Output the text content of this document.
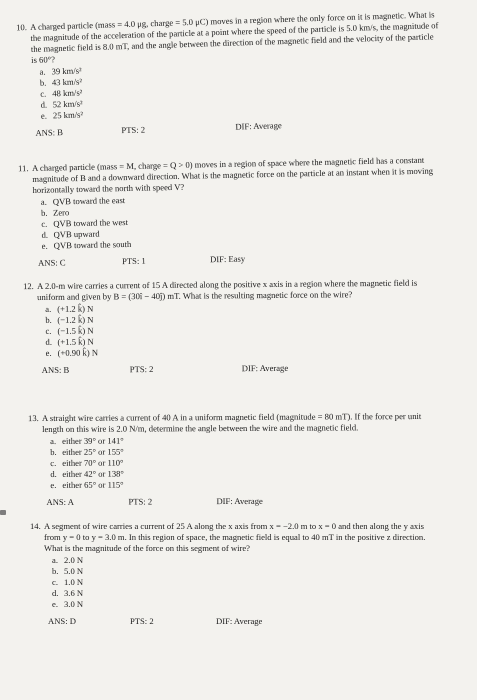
10. A charged particle (mass = 4.0 μg, charge = 5.0 μC) moves in a region where the only force on it is magnetic. What is the magnitude of the acceleration of the particle at a point where the speed of the particle is 5.0 km/s, the magnitude of the magnetic field is 8.0 mT, and the angle between the direction of the magnetic field and the velocity of the particle is 60°?
a. 39 km/s²
b. 43 km/s²
c. 48 km/s²
d. 52 km/s²
e. 25 km/s²
ANS: B	PTS: 2	DIF: Average
11. A charged particle (mass = M, charge = Q > 0) moves in a region of space where the magnetic field has a constant magnitude of B and a downward direction. What is the magnetic force on the particle at an instant when it is moving horizontally toward the north with speed V?
a. QVB toward the east
b. Zero
c. QVB toward the west
d. QVB upward
e. QVB toward the south
ANS: C	PTS: 1	DIF: Easy
12. A 2.0-m wire carries a current of 15 A directed along the positive x axis in a region where the magnetic field is uniform and given by B = (30î − 40ĵ) mT. What is the resulting magnetic force on the wire?
a. (+1.2 k̂) N
b. (−1.2 k̂) N
c. (−1.5 k̂) N
d. (+1.5 k̂) N
e. (+0.90 k̂) N
ANS: B	PTS: 2	DIF: Average
13. A straight wire carries a current of 40 A in a uniform magnetic field (magnitude = 80 mT). If the force per unit length on this wire is 2.0 N/m, determine the angle between the wire and the magnetic field.
a. either 39° or 141°
b. either 25° or 155°
c. either 70° or 110°
d. either 42° or 138°
e. either 65° or 115°
ANS: A	PTS: 2	DIF: Average
14. A segment of wire carries a current of 25 A along the x axis from x = −2.0 m to x = 0 and then along the y axis from y = 0 to y = 3.0 m. In this region of space, the magnetic field is equal to 40 mT in the positive z direction. What is the magnitude of the force on this segment of wire?
a. 2.0 N
b. 5.0 N
c. 1.0 N
d. 3.6 N
e. 3.0 N
ANS: D	PTS: 2	DIF: Average
